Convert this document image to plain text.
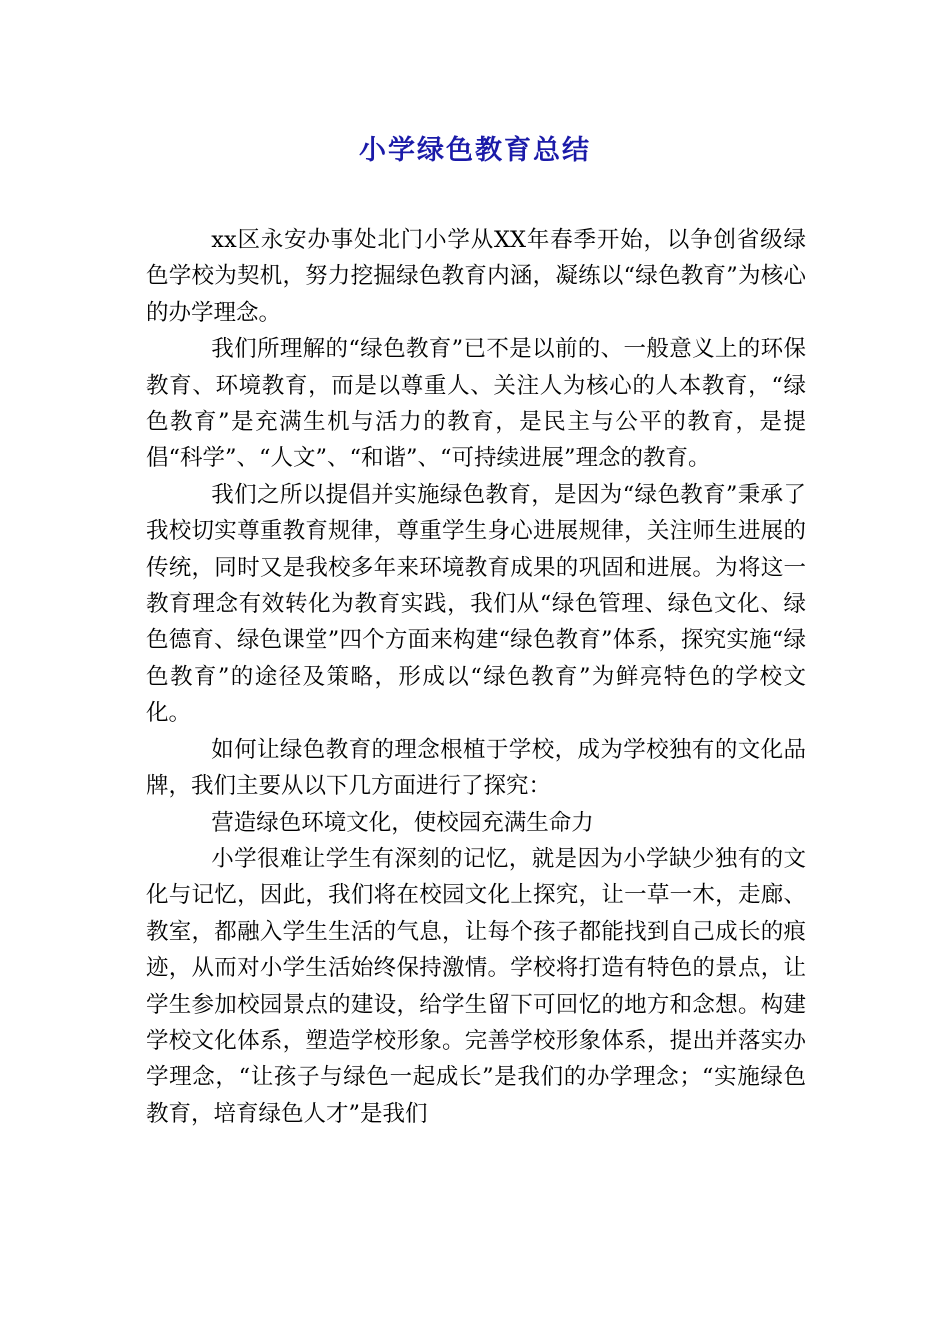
小学绿色教育总结

xx区永安办事处北门小学从XX年春季开始，以争创省级绿色学校为契机，努力挖掘绿色教育内涵，凝练以“绿色教育”为核心的办学理念。

我们所理解的“绿色教育”已不是以前的、一般意义上的环保教育、环境教育，而是以尊重人、关注人为核心的人本教育，“绿色教育”是充满生机与活力的教育，是民主与公平的教育，是提倡“科学”、“人文”、“和谐”、“可持续进展”理念的教育。

我们之所以提倡并实施绿色教育，是因为“绿色教育”秉承了我校切实尊重教育规律，尊重学生身心进展规律，关注师生进展的传统，同时又是我校多年来环境教育成果的巩固和进展。为将这一教育理念有效转化为教育实践，我们从“绿色管理、绿色文化、绿色德育、绿色课堂”四个方面来构建“绿色教育”体系，探究实施“绿色教育”的途径及策略，形成以“绿色教育”为鲜亮特色的学校文化。

如何让绿色教育的理念根植于学校，成为学校独有的文化品牌，我们主要从以下几方面进行了探究：

营造绿色环境文化，使校园充满生命力

小学很难让学生有深刻的记忆，就是因为小学缺少独有的文化与记忆，因此，我们将在校园文化上探究，让一草一木，走廊、教室，都融入学生生活的气息，让每个孩子都能找到自己成长的痕迹，从而对小学生活始终保持激情。学校将打造有特色的景点，让学生参加校园景点的建设，给学生留下可回忆的地方和念想。构建学校文化体系，塑造学校形象。完善学校形象体系，提出并落实办学理念，“让孩子与绿色一起成长”是我们的办学理念；“实施绿色教育，培育绿色人才”是我们
